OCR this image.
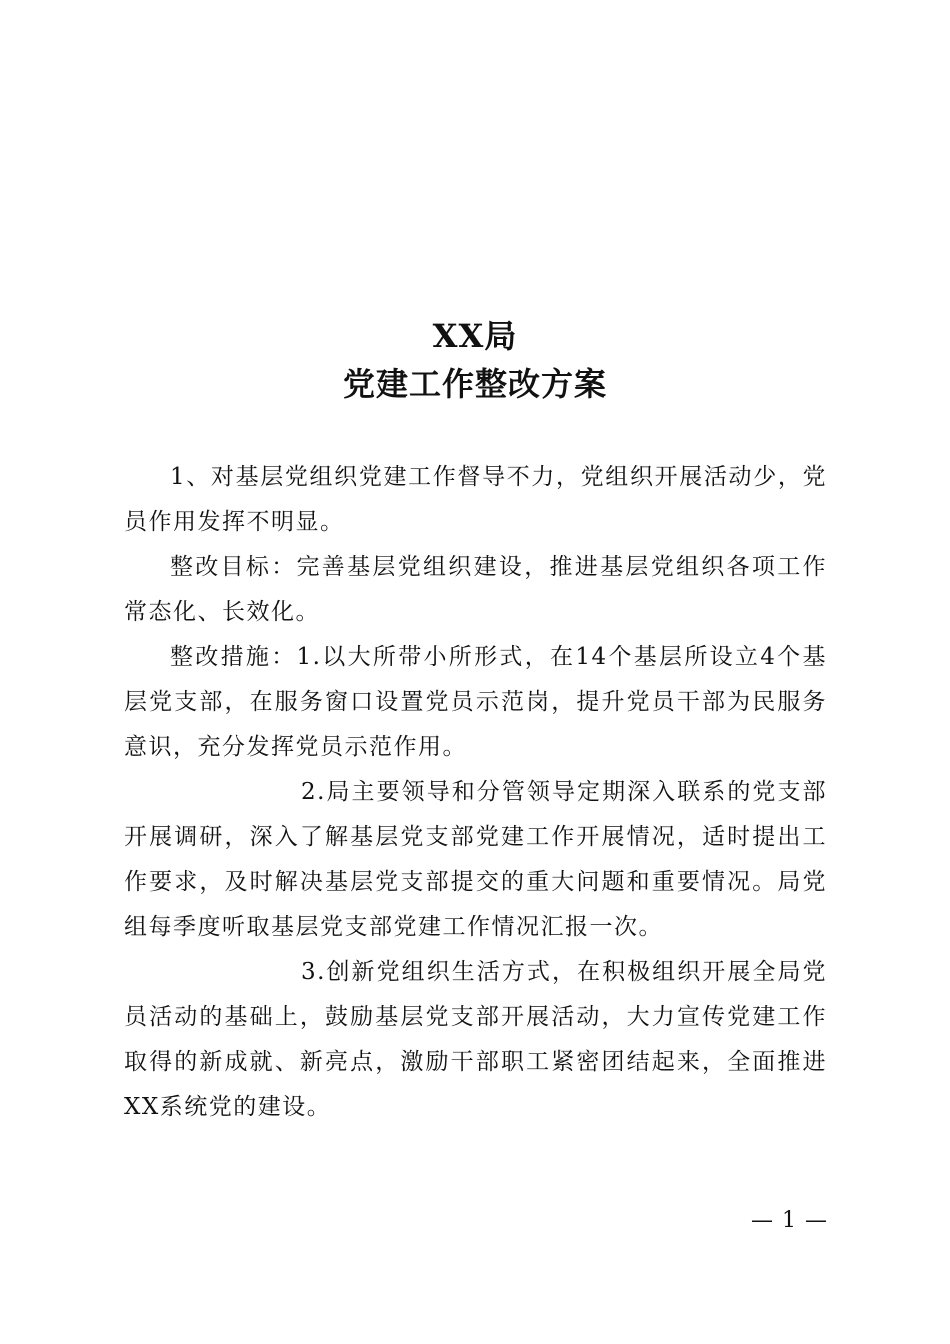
XX局
党建工作整改方案

1、对基层党组织党建工作督导不力，党组织开展活动少，党员作用发挥不明显。

整改目标：完善基层党组织建设，推进基层党组织各项工作常态化、长效化。

整改措施：1.以大所带小所形式，在14个基层所设立4个基层党支部，在服务窗口设置党员示范岗，提升党员干部为民服务意识，充分发挥党员示范作用。

2.局主要领导和分管领导定期深入联系的党支部开展调研，深入了解基层党支部党建工作开展情况，适时提出工作要求，及时解决基层党支部提交的重大问题和重要情况。局党组每季度听取基层党支部党建工作情况汇报一次。

3.创新党组织生活方式，在积极组织开展全局党员活动的基础上，鼓励基层党支部开展活动，大力宣传党建工作取得的新成就、新亮点，激励干部职工紧密团结起来，全面推进XX系统党的建设。

— 1 —
